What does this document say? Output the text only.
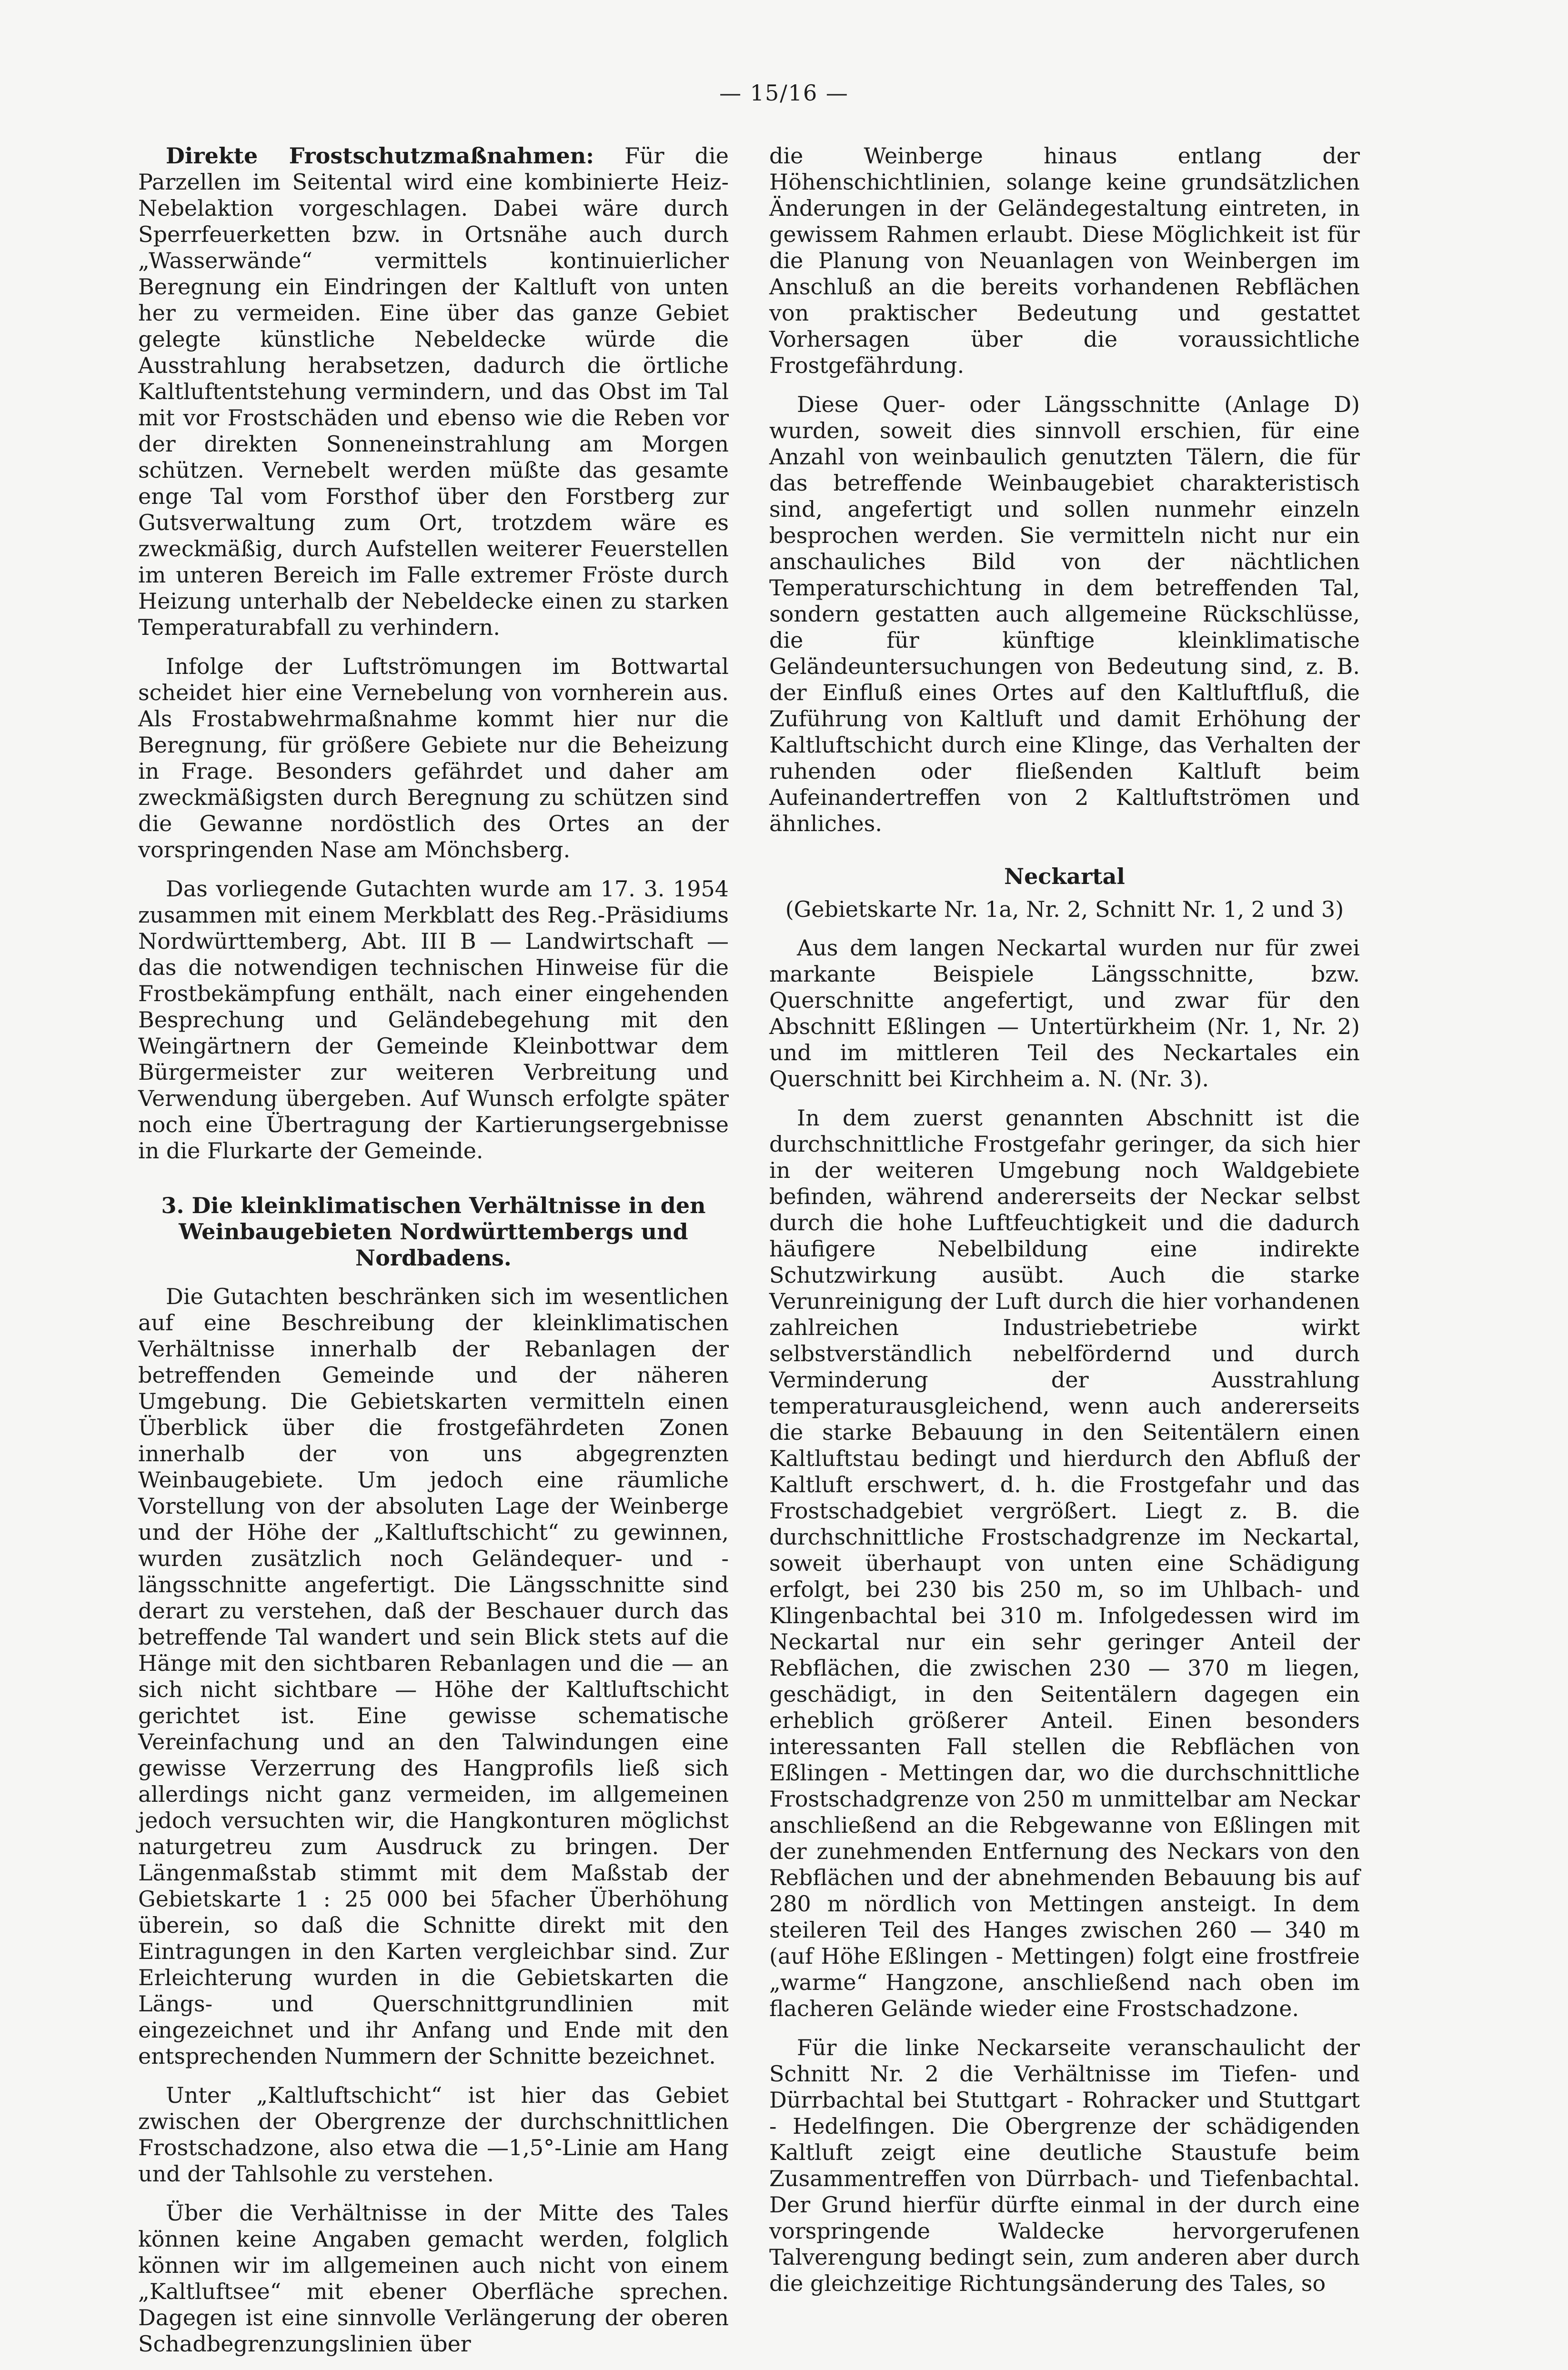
— 15/16 —

Direkte Frostschutzmaßnahmen: Für die Parzellen im Seitental wird eine kombinierte Heiz-Nebelaktion vorgeschlagen. Dabei wäre durch Sperrfeuerketten bzw. in Ortsnähe auch durch „Wasserwände“ vermittels kontinuierlicher Beregnung ein Eindringen der Kaltluft von unten her zu vermeiden. Eine über das ganze Gebiet gelegte künstliche Nebeldecke würde die Ausstrahlung herabsetzen, dadurch die örtliche Kaltluftentstehung vermindern, und das Obst im Tal mit vor Frostschäden und ebenso wie die Reben vor der direkten Sonneneinstrahlung am Morgen schützen. Vernebelt werden müßte das gesamte enge Tal vom Forsthof über den Forstberg zur Gutsverwaltung zum Ort, trotzdem wäre es zweckmäßig, durch Aufstellen weiterer Feuerstellen im unteren Bereich im Falle extremer Fröste durch Heizung unterhalb der Nebeldecke einen zu starken Temperaturabfall zu verhindern.

Infolge der Luftströmungen im Bottwartal scheidet hier eine Vernebelung von vornherein aus. Als Frostabwehrmaßnahme kommt hier nur die Beregnung, für größere Gebiete nur die Beheizung in Frage. Besonders gefährdet und daher am zweckmäßigsten durch Beregnung zu schützen sind die Gewanne nordöstlich des Ortes an der vorspringenden Nase am Mönchsberg.

Das vorliegende Gutachten wurde am 17. 3. 1954 zusammen mit einem Merkblatt des Reg.-Präsidiums Nordwürttemberg, Abt. III B — Landwirtschaft — das die notwendigen technischen Hinweise für die Frostbekämpfung enthält, nach einer eingehenden Besprechung und Geländebegehung mit den Weingärtnern der Gemeinde Kleinbottwar dem Bürgermeister zur weiteren Verbreitung und Verwendung übergeben. Auf Wunsch erfolgte später noch eine Übertragung der Kartierungsergebnisse in die Flurkarte der Gemeinde.

3. Die kleinklimatischen Verhältnisse in den Weinbaugebieten Nordwürttembergs und Nordbadens.

Die Gutachten beschränken sich im wesentlichen auf eine Beschreibung der kleinklimatischen Verhältnisse innerhalb der Rebanlagen der betreffenden Gemeinde und der näheren Umgebung. Die Gebietskarten vermitteln einen Überblick über die frostgefährdeten Zonen innerhalb der von uns abgegrenzten Weinbaugebiete. Um jedoch eine räumliche Vorstellung von der absoluten Lage der Weinberge und der Höhe der „Kaltluftschicht“ zu gewinnen, wurden zusätzlich noch Geländequer- und -längsschnitte angefertigt. Die Längsschnitte sind derart zu verstehen, daß der Beschauer durch das betreffende Tal wandert und sein Blick stets auf die Hänge mit den sichtbaren Rebanlagen und die — an sich nicht sichtbare — Höhe der Kaltluftschicht gerichtet ist. Eine gewisse schematische Vereinfachung und an den Talwindungen eine gewisse Verzerrung des Hangprofils ließ sich allerdings nicht ganz vermeiden, im allgemeinen jedoch versuchten wir, die Hangkonturen möglichst naturgetreu zum Ausdruck zu bringen. Der Längenmaßstab stimmt mit dem Maßstab der Gebietskarte 1 : 25 000 bei 5facher Überhöhung überein, so daß die Schnitte direkt mit den Eintragungen in den Karten vergleichbar sind. Zur Erleichterung wurden in die Gebietskarten die Längs- und Querschnittgrundlinien mit eingezeichnet und ihr Anfang und Ende mit den entsprechenden Nummern der Schnitte bezeichnet.

Unter „Kaltluftschicht“ ist hier das Gebiet zwischen der Obergrenze der durchschnittlichen Frostschadzone, also etwa die —1,5°-Linie am Hang und der Tahlsohle zu verstehen.

Über die Verhältnisse in der Mitte des Tales können keine Angaben gemacht werden, folglich können wir im allgemeinen auch nicht von einem „Kaltluftsee“ mit ebener Oberfläche sprechen. Dagegen ist eine sinnvolle Verlängerung der oberen Schadbegrenzungslinien über

die Weinberge hinaus entlang der Höhenschichtlinien, solange keine grundsätzlichen Änderungen in der Geländegestaltung eintreten, in gewissem Rahmen erlaubt. Diese Möglichkeit ist für die Planung von Neuanlagen von Weinbergen im Anschluß an die bereits vorhandenen Rebflächen von praktischer Bedeutung und gestattet Vorhersagen über die voraussichtliche Frostgefährdung.

Diese Quer- oder Längsschnitte (Anlage D) wurden, soweit dies sinnvoll erschien, für eine Anzahl von weinbaulich genutzten Tälern, die für das betreffende Weinbaugebiet charakteristisch sind, angefertigt und sollen nunmehr einzeln besprochen werden. Sie vermitteln nicht nur ein anschauliches Bild von der nächtlichen Temperaturschichtung in dem betreffenden Tal, sondern gestatten auch allgemeine Rückschlüsse, die für künftige kleinklimatische Geländeuntersuchungen von Bedeutung sind, z. B. der Einfluß eines Ortes auf den Kaltluftfluß, die Zuführung von Kaltluft und damit Erhöhung der Kaltluftschicht durch eine Klinge, das Verhalten der ruhenden oder fließenden Kaltluft beim Aufeinandertreffen von 2 Kaltluftströmen und ähnliches.

Neckartal
(Gebietskarte Nr. 1a, Nr. 2, Schnitt Nr. 1, 2 und 3)

Aus dem langen Neckartal wurden nur für zwei markante Beispiele Längsschnitte, bzw. Querschnitte angefertigt, und zwar für den Abschnitt Eßlingen — Untertürkheim (Nr. 1, Nr. 2) und im mittleren Teil des Neckartales ein Querschnitt bei Kirchheim a. N. (Nr. 3).

In dem zuerst genannten Abschnitt ist die durchschnittliche Frostgefahr geringer, da sich hier in der weiteren Umgebung noch Waldgebiete befinden, während andererseits der Neckar selbst durch die hohe Luftfeuchtigkeit und die dadurch häufigere Nebelbildung eine indirekte Schutzwirkung ausübt. Auch die starke Verunreinigung der Luft durch die hier vorhandenen zahlreichen Industriebetriebe wirkt selbstverständlich nebelfördernd und durch Verminderung der Ausstrahlung temperaturausgleichend, wenn auch andererseits die starke Bebauung in den Seitentälern einen Kaltluftstau bedingt und hierdurch den Abfluß der Kaltluft erschwert, d. h. die Frostgefahr und das Frostschadgebiet vergrößert. Liegt z. B. die durchschnittliche Frostschadgrenze im Neckartal, soweit überhaupt von unten eine Schädigung erfolgt, bei 230 bis 250 m, so im Uhlbach- und Klingenbachtal bei 310 m. Infolgedessen wird im Neckartal nur ein sehr geringer Anteil der Rebflächen, die zwischen 230 — 370 m liegen, geschädigt, in den Seitentälern dagegen ein erheblich größerer Anteil. Einen besonders interessanten Fall stellen die Rebflächen von Eßlingen - Mettingen dar, wo die durchschnittliche Frostschadgrenze von 250 m unmittelbar am Neckar anschließend an die Rebgewanne von Eßlingen mit der zunehmenden Entfernung des Neckars von den Rebflächen und der abnehmenden Bebauung bis auf 280 m nördlich von Mettingen ansteigt. In dem steileren Teil des Hanges zwischen 260 — 340 m (auf Höhe Eßlingen - Mettingen) folgt eine frostfreie „warme“ Hangzone, anschließend nach oben im flacheren Gelände wieder eine Frostschadzone.

Für die linke Neckarseite veranschaulicht der Schnitt Nr. 2 die Verhältnisse im Tiefen- und Dürrbachtal bei Stuttgart - Rohracker und Stuttgart - Hedelfingen. Die Obergrenze der schädigenden Kaltluft zeigt eine deutliche Staustufe beim Zusammentreffen von Dürrbach- und Tiefenbachtal. Der Grund hierfür dürfte einmal in der durch eine vorspringende Waldecke hervorgerufenen Talverengung bedingt sein, zum anderen aber durch die gleichzeitige Richtungsänderung des Tales, so
